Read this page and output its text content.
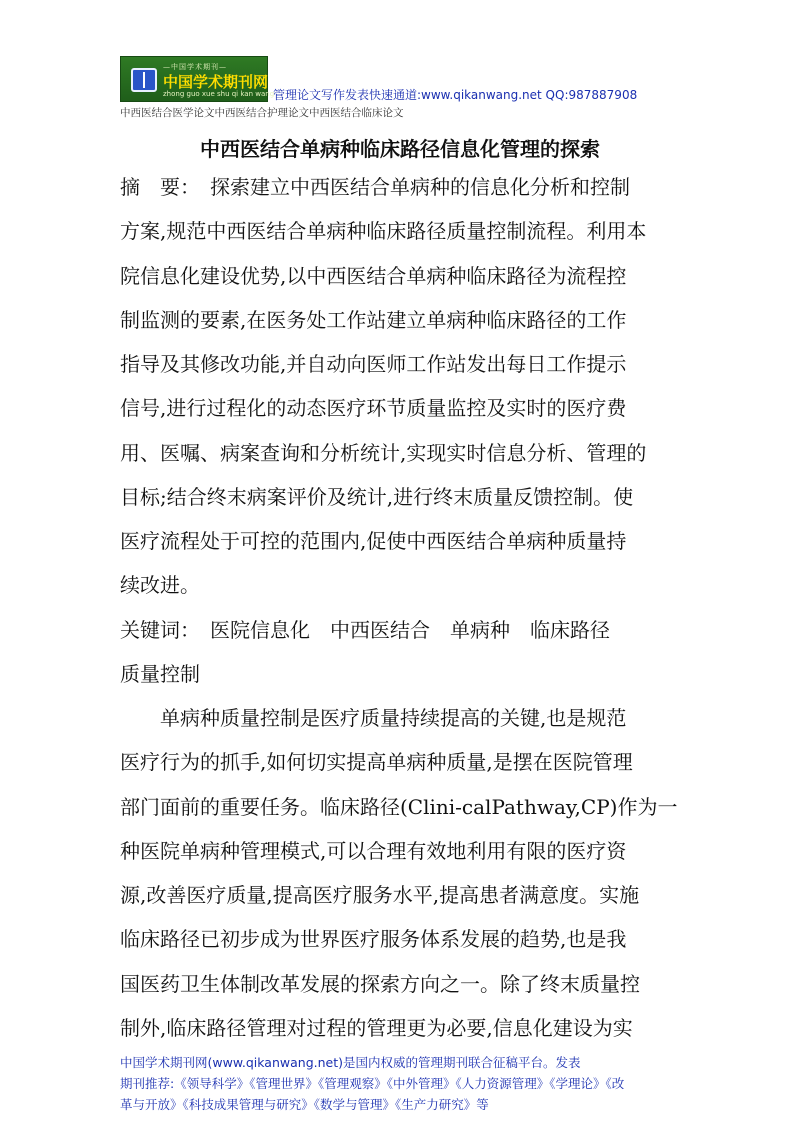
—中国学术期刊—
中国学术期刊网
zhong guo xue shu qi kan wang
管理论文写作发表快速通道:www.qikanwang.net QQ:987887908
中西医结合医学论文中西医结合护理论文中西医结合临床论文
中西医结合单病种临床路径信息化管理的探索
摘　要：　探索建立中西医结合单病种的信息化分析和控制
方案,规范中西医结合单病种临床路径质量控制流程。利用本
院信息化建设优势,以中西医结合单病种临床路径为流程控
制监测的要素,在医务处工作站建立单病种临床路径的工作
指导及其修改功能,并自动向医师工作站发出每日工作提示
信号,进行过程化的动态医疗环节质量监控及实时的医疗费
用、医嘱、病案查询和分析统计,实现实时信息分析、管理的
目标;结合终末病案评价及统计,进行终末质量反馈控制。使
医疗流程处于可控的范围内,促使中西医结合单病种质量持
续改进。
关键词：　医院信息化　中西医结合　单病种　临床路径
质量控制
　　单病种质量控制是医疗质量持续提高的关键,也是规范
医疗行为的抓手,如何切实提高单病种质量,是摆在医院管理
部门面前的重要任务。临床路径(Clini-calPathway,CP)作为一
种医院单病种管理模式,可以合理有效地利用有限的医疗资
源,改善医疗质量,提高医疗服务水平,提高患者满意度。实施
临床路径已初步成为世界医疗服务体系发展的趋势,也是我
国医药卫生体制改革发展的探索方向之一。除了终末质量控
制外,临床路径管理对过程的管理更为必要,信息化建设为实
中国学术期刊网(www.qikanwang.net)是国内权威的管理期刊联合征稿平台。发表
期刊推荐:《领导科学》《管理世界》《管理观察》《中外管理》《人力资源管理》《学理论》《改
革与开放》《科技成果管理与研究》《数学与管理》《生产力研究》等
